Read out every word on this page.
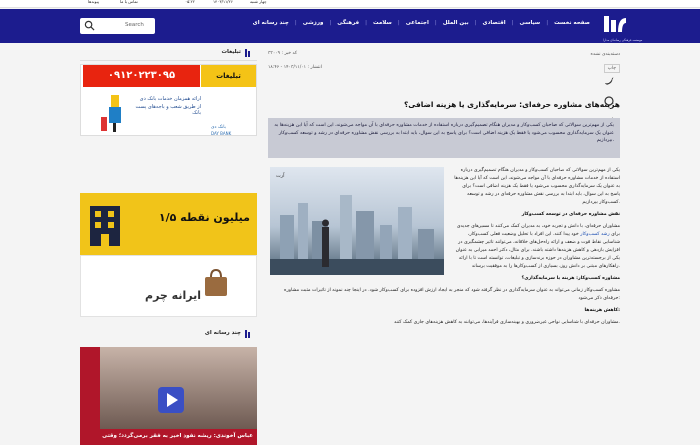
پیوندها	تماس با ما	۰۵:۲۲	۱۴۰۳/۱۱/۲۶	چهار شنبه
Search	صفحه نخست
|
سیاسی
|
اقتصادی
|
بین الملل
|
اجتماعی
|
سلامت
|
فرهنگی
|
ورزشی
|
چند رسانه ای
موسسه فرهنگی رسانه‌ای مدارا
تبلیغات
۰۹۱۲۰۲۲۳۰۹۵	تبلیغات
ارائه همزمان خدمات بانک دی
از طریق شعب و باجه‌های پست بانک
بانک دی
DAY BANK
۱/۵ میلیون نقطه
ایرانه چرم
چند رسانه ای
عباس آخوندی: ریشه نفوذ اخیر به فقر برمی‌گردد؛ وقتی
کد خبر : ۳۳۰۰۹	دسته‌بندی نشده
انتشار : ۱۴۰۳/۱۱/۰۱ - ۱۸:۴۶	چاپ
هزینه‌های مشاوره حرفه‌ای: سرمایه‌گذاری یا هزینه اضافی؟
یکی از مهم‌ترین سوالاتی که صاحبان کسب‌وکار و مدیران هنگام تصمیم‌گیری درباره استفاده از خدمات مشاوره حرفه‌ای با آن مواجه می‌شوند، این است که آیا این هزینه‌ها به عنوان یک سرمایه‌گذاری محسوب می‌شود یا فقط یک هزینه اضافی است؟ برای پاسخ به این سوال، باید ابتدا به بررسی نقش مشاوره حرفه‌ای در رشد و توسعه کسب‌وکار بپردازیم.
آرت

یکی از مهم‌ترین سوالاتی که صاحبان کسب‌وکار و مدیران هنگام تصمیم‌گیری درباره استفاده از خدمات مشاوره حرفه‌ای با آن مواجه می‌شوند، این است که آیا این هزینه‌ها به عنوان یک سرمایه‌گذاری محسوب می‌شود یا فقط یک هزینه اضافی است؟ برای پاسخ به این سوال، باید ابتدا به بررسی نقش مشاوره حرفه‌ای در رشد و توسعه کسب‌وکار بپردازیم.

نقش مشاوره حرفه‌ای در توسعه کسب‌وکار

مشاوران حرفه‌ای، با دانش و تجربه خود، به مدیران کمک می‌کنند تا مسیرهای جدیدی برای رشد کسب‌وکار خود پیدا کنند. این افراد با تحلیل وضعیت فعلی کسب‌وکار، شناسایی نقاط قوت و ضعف و ارائه راه‌حل‌های خلاقانه، می‌توانند تاثیر چشمگیری در افزایش بازدهی و کاهش هزینه‌ها داشته باشند. برای مثال، دکتر احمد میرابی به عنوان یکی از برجسته‌ترین مشاوران در حوزه برندسازی و تبلیغات، توانسته است تا با ارائه راهکارهای مبتنی بر دانش روز، بسیاری از کسب‌وکارها را به موفقیت برساند.

مشاوره کسب‌وکار: هزینه یا سرمایه‌گذاری؟

مشاوره کسب‌وکار زمانی می‌تواند به عنوان سرمایه‌گذاری در نظر گرفته شود که منجر به ایجاد ارزش افزوده برای کسب‌وکار شود. در اینجا چند نمونه از تاثیرات مثبت مشاوره حرفه‌ای ذکر می‌شود:

کاهش هزینه‌ها:

مشاوران حرفه‌ای با شناسایی نواحی غیرضروری و بهینه‌سازی فرآیندها، می‌توانند به کاهش هزینه‌های جاری کمک کنند.
